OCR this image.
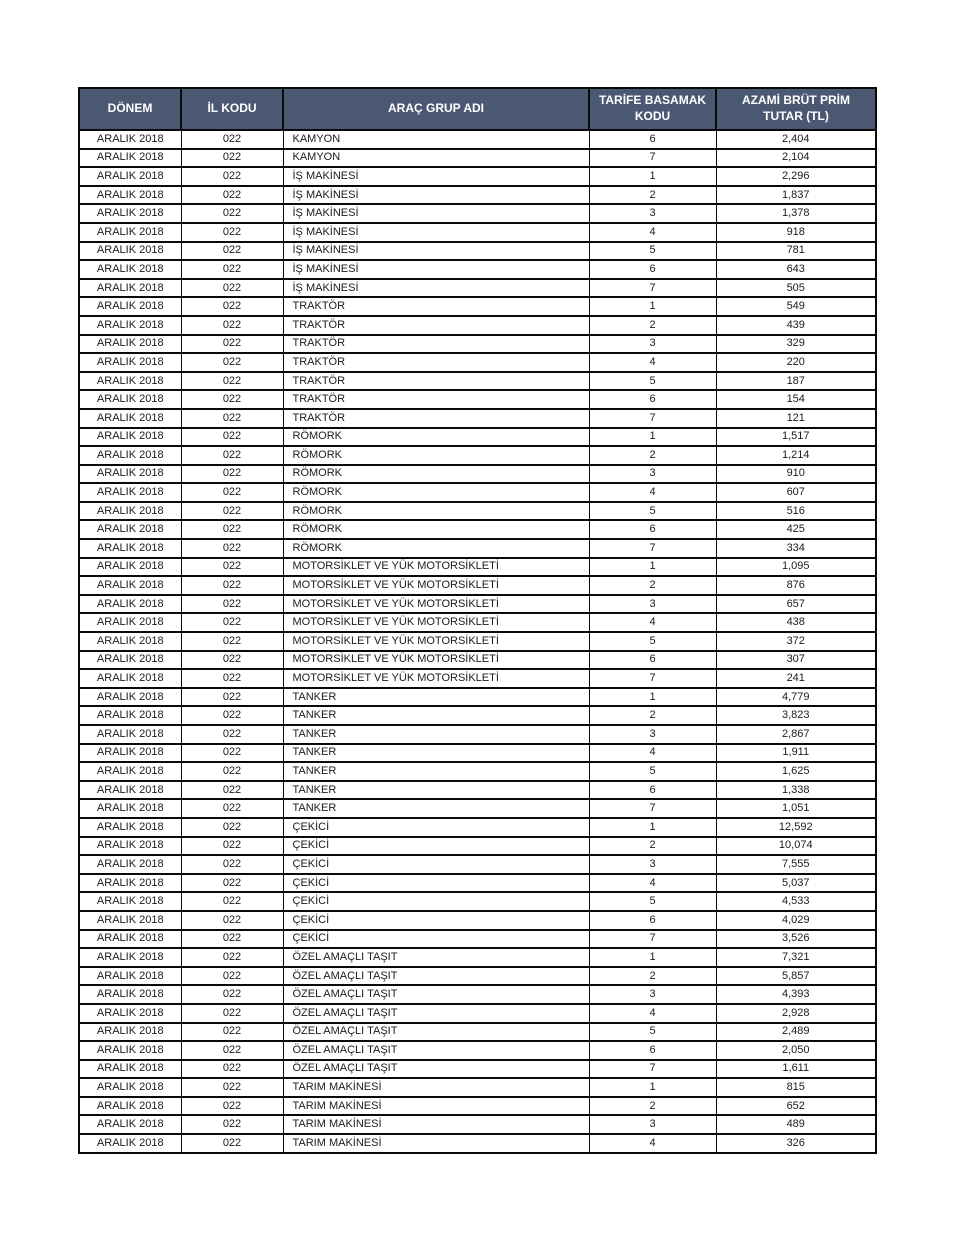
DÖNEM	İL KODU	ARAÇ GRUP ADI	TARİFE BASAMAK KODU	AZAMİ BRÜT PRİM TUTAR (TL)
ARALIK 2018	022	KAMYON	6	2,404
ARALIK 2018	022	KAMYON	7	2,104
ARALIK 2018	022	İŞ MAKİNESİ	1	2,296
ARALIK 2018	022	İŞ MAKİNESİ	2	1,837
ARALIK 2018	022	İŞ MAKİNESİ	3	1,378
ARALIK 2018	022	İŞ MAKİNESİ	4	918
ARALIK 2018	022	İŞ MAKİNESİ	5	781
ARALIK 2018	022	İŞ MAKİNESİ	6	643
ARALIK 2018	022	İŞ MAKİNESİ	7	505
ARALIK 2018	022	TRAKTÖR	1	549
ARALIK 2018	022	TRAKTÖR	2	439
ARALIK 2018	022	TRAKTÖR	3	329
ARALIK 2018	022	TRAKTÖR	4	220
ARALIK 2018	022	TRAKTÖR	5	187
ARALIK 2018	022	TRAKTÖR	6	154
ARALIK 2018	022	TRAKTÖR	7	121
ARALIK 2018	022	RÖMORK	1	1,517
ARALIK 2018	022	RÖMORK	2	1,214
ARALIK 2018	022	RÖMORK	3	910
ARALIK 2018	022	RÖMORK	4	607
ARALIK 2018	022	RÖMORK	5	516
ARALIK 2018	022	RÖMORK	6	425
ARALIK 2018	022	RÖMORK	7	334
ARALIK 2018	022	MOTORSİKLET VE YÜK MOTORSİKLETİ	1	1,095
ARALIK 2018	022	MOTORSİKLET VE YÜK MOTORSİKLETİ	2	876
ARALIK 2018	022	MOTORSİKLET VE YÜK MOTORSİKLETİ	3	657
ARALIK 2018	022	MOTORSİKLET VE YÜK MOTORSİKLETİ	4	438
ARALIK 2018	022	MOTORSİKLET VE YÜK MOTORSİKLETİ	5	372
ARALIK 2018	022	MOTORSİKLET VE YÜK MOTORSİKLETİ	6	307
ARALIK 2018	022	MOTORSİKLET VE YÜK MOTORSİKLETİ	7	241
ARALIK 2018	022	TANKER	1	4,779
ARALIK 2018	022	TANKER	2	3,823
ARALIK 2018	022	TANKER	3	2,867
ARALIK 2018	022	TANKER	4	1,911
ARALIK 2018	022	TANKER	5	1,625
ARALIK 2018	022	TANKER	6	1,338
ARALIK 2018	022	TANKER	7	1,051
ARALIK 2018	022	ÇEKİCİ	1	12,592
ARALIK 2018	022	ÇEKİCİ	2	10,074
ARALIK 2018	022	ÇEKİCİ	3	7,555
ARALIK 2018	022	ÇEKİCİ	4	5,037
ARALIK 2018	022	ÇEKİCİ	5	4,533
ARALIK 2018	022	ÇEKİCİ	6	4,029
ARALIK 2018	022	ÇEKİCİ	7	3,526
ARALIK 2018	022	ÖZEL AMAÇLI TAŞIT	1	7,321
ARALIK 2018	022	ÖZEL AMAÇLI TAŞIT	2	5,857
ARALIK 2018	022	ÖZEL AMAÇLI TAŞIT	3	4,393
ARALIK 2018	022	ÖZEL AMAÇLI TAŞIT	4	2,928
ARALIK 2018	022	ÖZEL AMAÇLI TAŞIT	5	2,489
ARALIK 2018	022	ÖZEL AMAÇLI TAŞIT	6	2,050
ARALIK 2018	022	ÖZEL AMAÇLI TAŞIT	7	1,611
ARALIK 2018	022	TARIM MAKİNESİ	1	815
ARALIK 2018	022	TARIM MAKİNESİ	2	652
ARALIK 2018	022	TARIM MAKİNESİ	3	489
ARALIK 2018	022	TARIM MAKİNESİ	4	326
